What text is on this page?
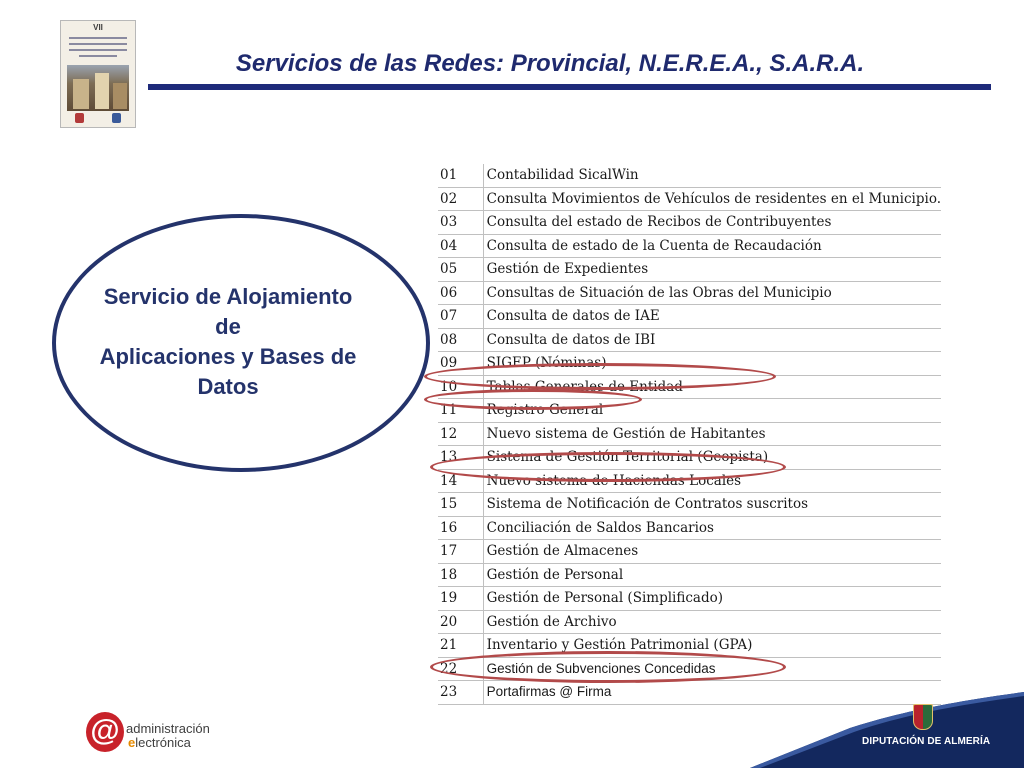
VII
Servicios de las Redes: Provincial, N.E.R.E.A., S.A.R.A.

Servicio de Alojamiento
de
Aplicaciones y Bases de
Datos

01	Contabilidad SicalWin
02	Consulta Movimientos de Vehículos de residentes en el Municipio.
03	Consulta del estado de Recibos de Contribuyentes
04	Consulta de estado de la Cuenta de Recaudación
05	Gestión de Expedientes
06	Consultas de Situación de las Obras del Municipio
07	Consulta de datos de IAE
08	Consulta de datos de IBI
09	SIGEP (Nóminas)
10	Tablas Generales de Entidad
11	Registro General
12	Nuevo sistema de Gestión de Habitantes
13	Sistema de Gestión Territorial (Geopista)
14	Nuevo sistema de Haciendas Locales
15	Sistema de Notificación de Contratos suscritos
16	Conciliación de Saldos Bancarios
17	Gestión de Almacenes
18	Gestión de Personal
19	Gestión de Personal (Simplificado)
20	Gestión de Archivo
21	Inventario y Gestión Patrimonial (GPA)
22	Gestión de Subvenciones Concedidas
23	Portafirmas @ Firma
@ administración
electrónica	DIPUTACIÓN DE ALMERÍA
